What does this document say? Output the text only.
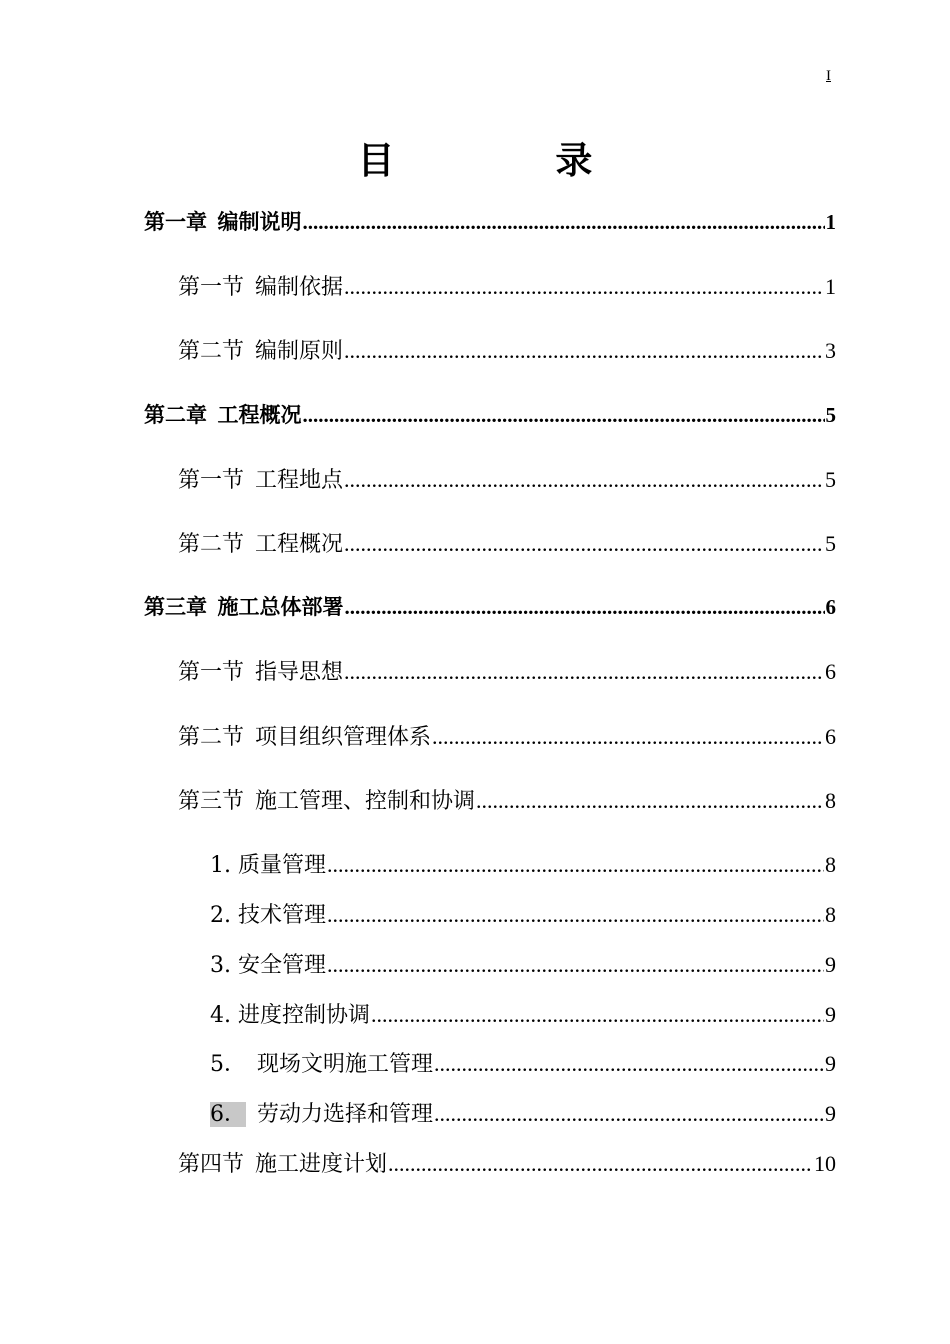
I
目 录
第一章  编制说明 .....	1
第一节  编制依据 .....	1
第二节  编制原则 .....	3
第二章  工程概况 .....	5
第一节  工程地点 .....	5
第二节  工程概况 .....	5
第三章  施工总体部署 .....	6
第一节  指导思想 .....	6
第二节  项目组织管理体系 .....	6
第三节  施工管理、控制和协调 .....	8
1. 质量管理 .....	8
2. 技术管理 .....	8
3. 安全管理 .....	9
4. 进度控制协调 .....	9
5．  现场文明施工管理 .....	9
6．  劳动力选择和管理 .....	9
第四节  施工进度计划 .....	10
